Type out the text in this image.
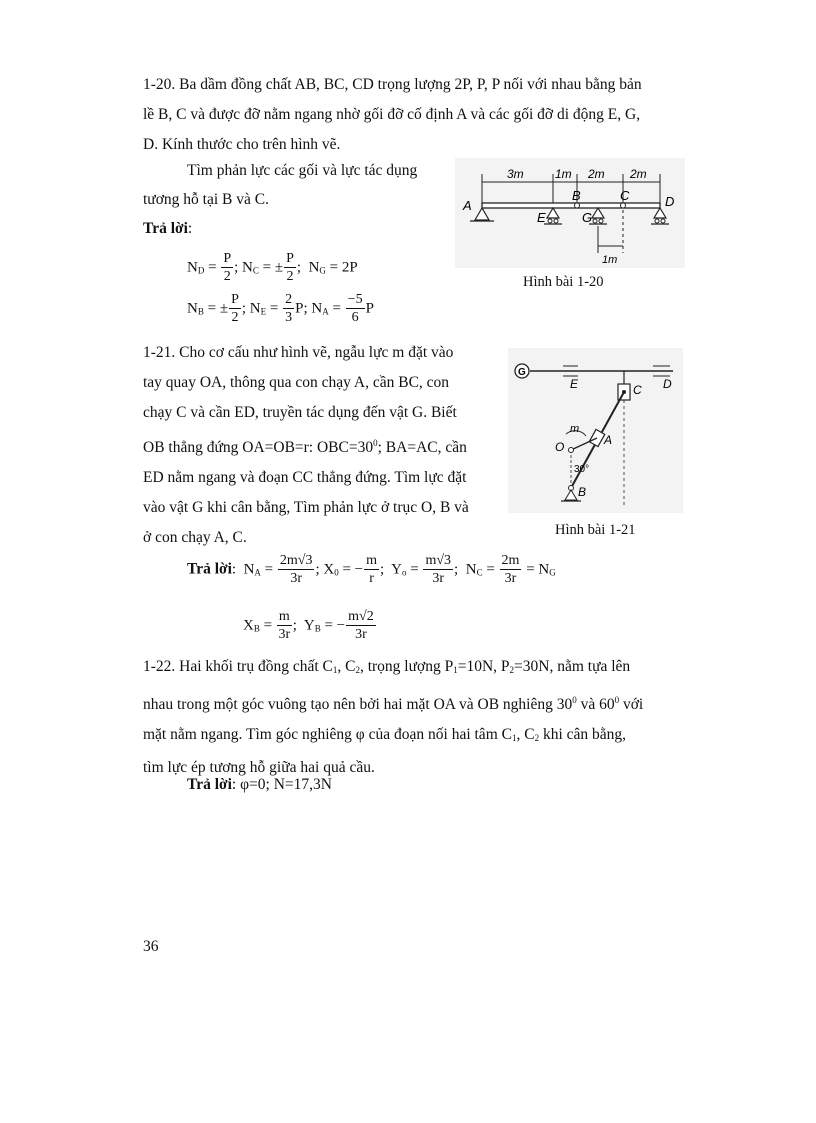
1-20. Ba dầm đồng chất AB, BC, CD trọng lượng 2P, P, P nối với nhau bằng bản
lề B, C và được đỡ nằm ngang nhờ gối đỡ cố định A và các gối đỡ di động E, G,
D. Kính thước cho trên hình vẽ.
Tìm phản lực các gối và lực tác dụng
tương hỗ tại B và C.
Trả lời:
$N_D = \frac{P}{2}$ ; $N_C$ = ± $\frac{P}{2}$ ;  $N_G = 2P$
$N_B$ = ± $\frac{P}{2}$ ; $N_E = \frac{2}{3} P$; $N_A = \frac{-5}{6}$ P
3m	1m 2m 2m
1m
A
B	C	D
E	G
Hình bài 1-20
1-21. Cho cơ cấu như hình vẽ, ngẫu lực m đặt vào
tay quay OA, thông qua con chạy A, cần BC, con
chạy C và cần ED, truyền tác dụng đến vật G. Biết
OB thẳng đứng OA=OB=r: $OBC=30^0$; BA=AC, cần
ED nằm ngang và đoạn CC thẳng đứng. Tìm lực đặt
vào vật G khi cân bằng, Tìm phản lực ở trục O, B và
ở con chạy A, C.
G
E	D
C
A
O
m
30°
B
Hình bài 1-21
Trả lời:  $N_A = \frac{2m√3}{3r}$ ; $X_0$ = − $\frac{m}{r}$ ;  $Y_o = \frac{m√3}{3r}$ ;  $N_C = \frac{2m}{3r} = N_G$
$X_B = \frac{m}{3r}$ ;  $Y_B$ = − $\frac{m√2}{3r}$
1-22. Hai khối trụ đồng chất $C_1$, $C_2$, trọng lượng $P_1=10N$, $P_2=30N$, nằm tựa lên
nhau trong một góc vuông tạo nên bởi hai mặt OA và OB nghiêng $30^0$ và $60^0$ với
mặt nằm ngang. Tìm góc nghiêng φ của đoạn nối hai tâm $C_1$, $C_2$ khi cân bằng,
tìm lực ép tương hỗ giữa hai quả cầu.
Trả lời: φ=0; N=17,3N
36
